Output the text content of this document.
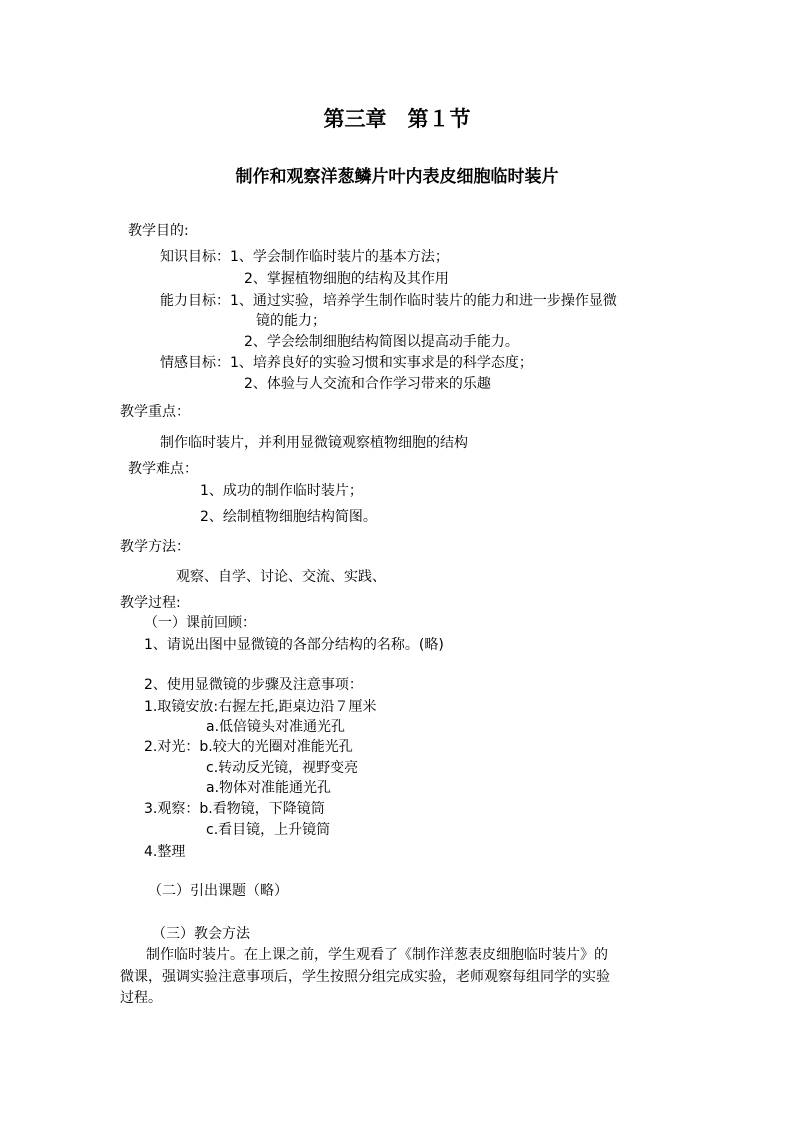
第三章　第１节
制作和观察洋葱鳞片叶内表皮细胞临时装片
教学目的:
知识目标：1、学会制作临时装片的基本方法；
2、掌握植物细胞的结构及其作用
能力目标：1、通过实验，培养学生制作临时装片的能力和进一步操作显微
镜的能力；
2、学会绘制细胞结构简图以提高动手能力。
情感目标：1、培养良好的实验习惯和实事求是的科学态度；
2、体验与人交流和合作学习带来的乐趣
教学重点：
制作临时装片，并利用显微镜观察植物细胞的结构
教学难点：
1、成功的制作临时装片；
2、绘制植物细胞结构简图。
教学方法：
观察、自学、讨论、交流、实践、
教学过程:
（一）课前回顾：
1、请说出图中显微镜的各部分结构的名称。(略)
2、使用显微镜的步骤及注意事项：
1.取镜安放:右握左托,距桌边沿７厘米
a.低倍镜头对准通光孔
2.对光：b.较大的光圈对准能光孔
c.转动反光镜，视野变亮
a.物体对准能通光孔
3.观察：b.看物镜，下降镜筒
c.看目镜，上升镜筒
4.整理
（二）引出课题（略）
（三）教会方法
制作临时装片。在上课之前，学生观看了《制作洋葱表皮细胞临时装片》的
微课，强调实验注意事项后，学生按照分组完成实验，老师观察每组同学的实验
过程。
